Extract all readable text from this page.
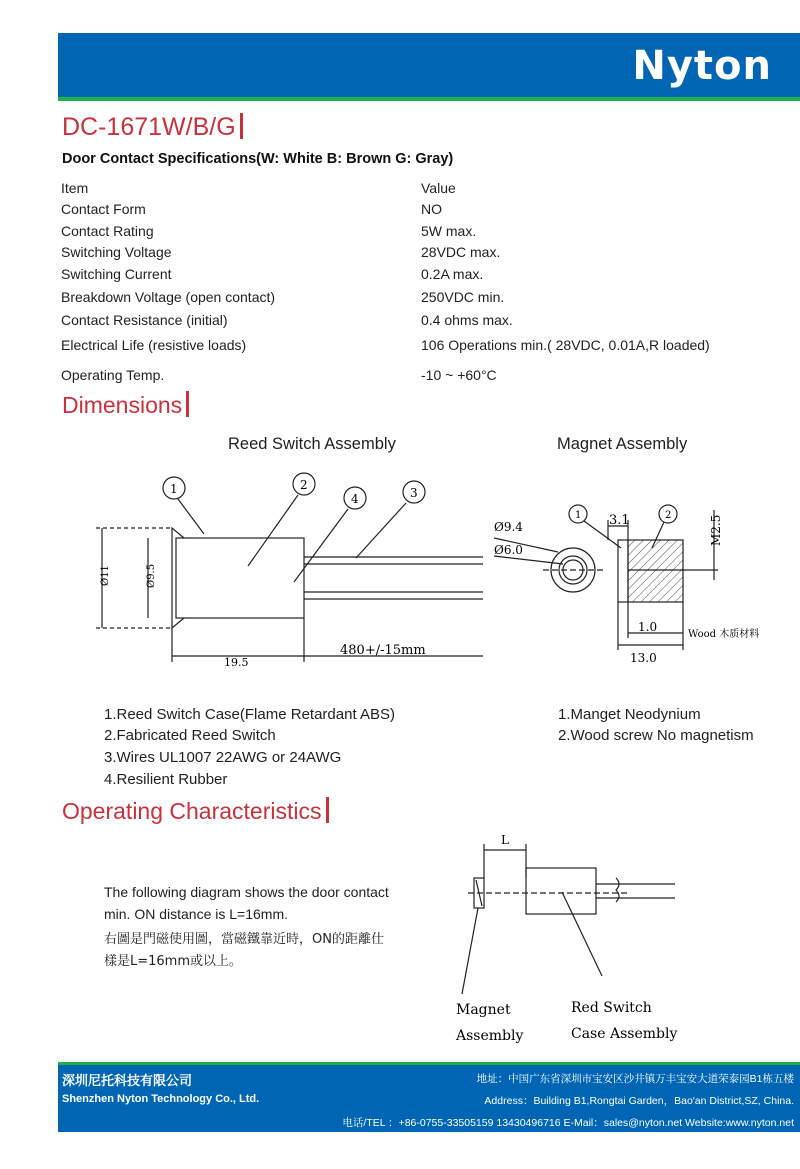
Nyton
DC-1671W/B/G
Door Contact Specifications(W: White B: Brown G: Gray)
Item	Value
Contact Form	NO
Contact Rating	5W max.
Switching Voltage	28VDC max.
Switching Current	0.2A max.
Breakdown Voltage (open contact)	250VDC min.
Contact Resistance (initial)	0.4 ohms max.
Electrical Life (resistive loads)	106 Operations min.( 28VDC, 0.01A,R loaded)
Operating Temp.	-10 ~ +60°C
Dimensions
Reed Switch Assembly	Magnet Assembly
1	2
4	3
Ø11	Ø9.5
19.5
480+/-15mm
Ø9.4
Ø6.0
1	2
3.1	M2.5
1.0
13.0
Wood 木质材料
1.Reed Switch Case(Flame Retardant ABS)
2.Fabricated Reed Switch
3.Wires UL1007 22AWG or 24AWG
4.Resilient Rubber
1.Manget Neodynium
2.Wood screw No magnetism
Operating Characteristics
The following diagram shows the door contact
min. ON distance is L=16mm.
右圖是門磁使用圖，當磁鐵靠近時，ON的距離仕
樣是L=16mm或以上。
L
Magnet
Assembly
Red Switch
Case Assembly
深圳尼托科技有限公司
Shenzhen Nyton Technology Co., Ltd.
地址：中国广东省深圳市宝安区沙井镇万丰宝安大道荣泰园B1栋五楼
Address：Building B1,Rongtai Garden，Bao'an District,SZ, China.
电话/TEL ：+86-0755-33505159 13430496716 E-Mail：sales@nyton.net Website:www.nyton.net
